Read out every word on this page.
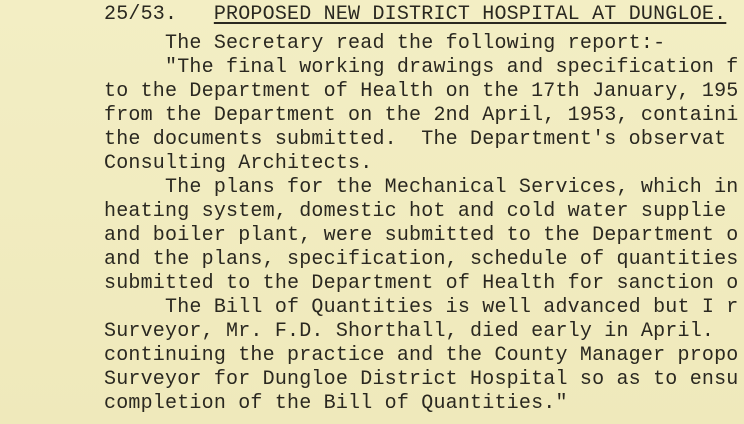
25/53. PROPOSED NEW DISTRICT HOSPITAL AT DUNGLOE.
The Secretary read the following report:-
"The final working drawings and specification f
to the Department of Health on the 17th January, 195
from the Department on the 2nd April, 1953, containi
the documents submitted.  The Department's observat
Consulting Architects.
The plans for the Mechanical Services, which in
heating system, domestic hot and cold water supplie
and boiler plant, were submitted to the Department o
and the plans, specification, schedule of quantities
submitted to the Department of Health for sanction o
The Bill of Quantities is well advanced but I r
Surveyor, Mr. F.D. Shorthall, died early in April.
continuing the practice and the County Manager propo
Surveyor for Dungloe District Hospital so as to ensu
completion of the Bill of Quantities."
